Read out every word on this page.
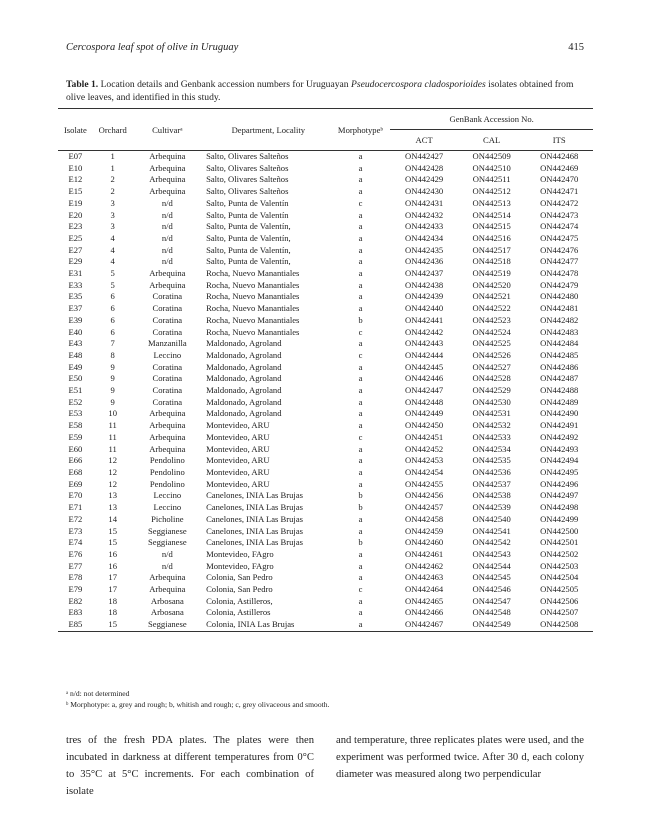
Cercospora leaf spot of olive in Uruguay	415
Table 1. Location details and Genbank accession numbers for Uruguayan Pseudocercospora cladosporioides isolates obtained from olive leaves, and identified in this study.
Isolate	Orchard	Cultivarᵃ	Department, Locality	Morphotypeᵇ	GenBank Accession No.		
					ACT	CAL	ITS
E07	1	Arbequina	Salto, Olivares Salteños	a	ON442427	ON442509	ON442468
E10	1	Arbequina	Salto, Olivares Salteños	a	ON442428	ON442510	ON442469
E12	2	Arbequina	Salto, Olivares Salteños	a	ON442429	ON442511	ON442470
E15	2	Arbequina	Salto, Olivares Salteños	a	ON442430	ON442512	ON442471
E19	3	n/d	Salto, Punta de Valentín	c	ON442431	ON442513	ON442472
E20	3	n/d	Salto, Punta de Valentín	a	ON442432	ON442514	ON442473
E23	3	n/d	Salto, Punta de Valentín,	a	ON442433	ON442515	ON442474
E25	4	n/d	Salto, Punta de Valentín,	a	ON442434	ON442516	ON442475
E27	4	n/d	Salto, Punta de Valentín,	a	ON442435	ON442517	ON442476
E29	4	n/d	Salto, Punta de Valentín,	a	ON442436	ON442518	ON442477
E31	5	Arbequina	Rocha, Nuevo Manantiales	a	ON442437	ON442519	ON442478
E33	5	Arbequina	Rocha, Nuevo Manantiales	a	ON442438	ON442520	ON442479
E35	6	Coratina	Rocha, Nuevo Manantiales	a	ON442439	ON442521	ON442480
E37	6	Coratina	Rocha, Nuevo Manantiales	a	ON442440	ON442522	ON442481
E39	6	Coratina	Rocha, Nuevo Manantiales	b	ON442441	ON442523	ON442482
E40	6	Coratina	Rocha, Nuevo Manantiales	c	ON442442	ON442524	ON442483
E43	7	Manzanilla	Maldonado, Agroland	a	ON442443	ON442525	ON442484
E48	8	Leccino	Maldonado, Agroland	c	ON442444	ON442526	ON442485
E49	9	Coratina	Maldonado, Agroland	a	ON442445	ON442527	ON442486
E50	9	Coratina	Maldonado, Agroland	a	ON442446	ON442528	ON442487
E51	9	Coratina	Maldonado, Agroland	a	ON442447	ON442529	ON442488
E52	9	Coratina	Maldonado, Agroland	a	ON442448	ON442530	ON442489
E53	10	Arbequina	Maldonado, Agroland	a	ON442449	ON442531	ON442490
E58	11	Arbequina	Montevideo, ARU	a	ON442450	ON442532	ON442491
E59	11	Arbequina	Montevideo, ARU	c	ON442451	ON442533	ON442492
E60	11	Arbequina	Montevideo, ARU	a	ON442452	ON442534	ON442493
E66	12	Pendolino	Montevideo, ARU	a	ON442453	ON442535	ON442494
E68	12	Pendolino	Montevideo, ARU	a	ON442454	ON442536	ON442495
E69	12	Pendolino	Montevideo, ARU	a	ON442455	ON442537	ON442496
E70	13	Leccino	Canelones, INIA Las Brujas	b	ON442456	ON442538	ON442497
E71	13	Leccino	Canelones, INIA Las Brujas	b	ON442457	ON442539	ON442498
E72	14	Picholine	Canelones, INIA Las Brujas	a	ON442458	ON442540	ON442499
E73	15	Seggianese	Canelones, INIA Las Brujas	a	ON442459	ON442541	ON442500
E74	15	Seggianese	Canelones, INIA Las Brujas	b	ON442460	ON442542	ON442501
E76	16	n/d	Montevideo, FAgro	a	ON442461	ON442543	ON442502
E77	16	n/d	Montevideo, FAgro	a	ON442462	ON442544	ON442503
E78	17	Arbequina	Colonia, San Pedro	a	ON442463	ON442545	ON442504
E79	17	Arbequina	Colonia, San Pedro	c	ON442464	ON442546	ON442505
E82	18	Arbosana	Colonia, Astilleros,	a	ON442465	ON442547	ON442506
E83	18	Arbosana	Colonia, Astilleros	a	ON442466	ON442548	ON442507
E85	15	Seggianese	Colonia, INIA Las Brujas	a	ON442467	ON442549	ON442508
ᵃ n/d: not determined
ᵇ Morphotype: a, grey and rough; b, whitish and rough; c, grey olivaceous and smooth.
tres of the fresh PDA plates. The plates were then incubated in darkness at different temperatures from 0°C to 35°C at 5°C increments. For each combination of isolate
and temperature, three replicates plates were used, and the experiment was performed twice. After 30 d, each colony diameter was measured along two perpendicular
